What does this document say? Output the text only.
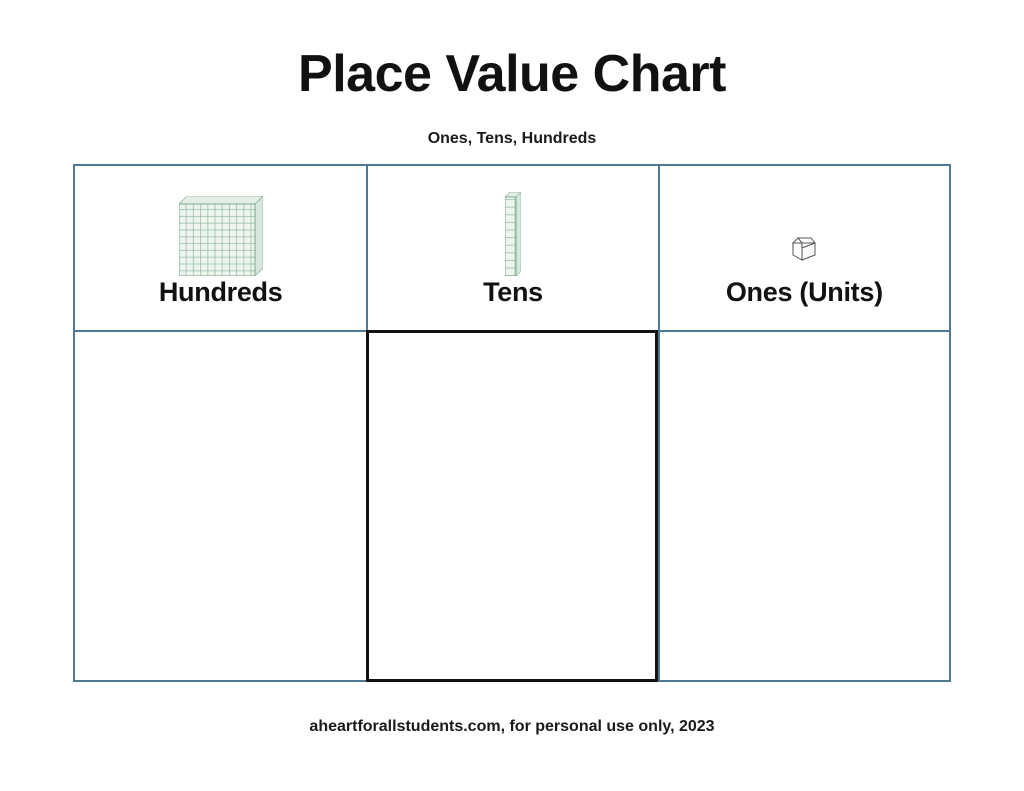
Place Value Chart
Ones, Tens, Hundreds
Hundreds	Tens	Ones (Units)
aheartforallstudents.com, for personal use only, 2023
